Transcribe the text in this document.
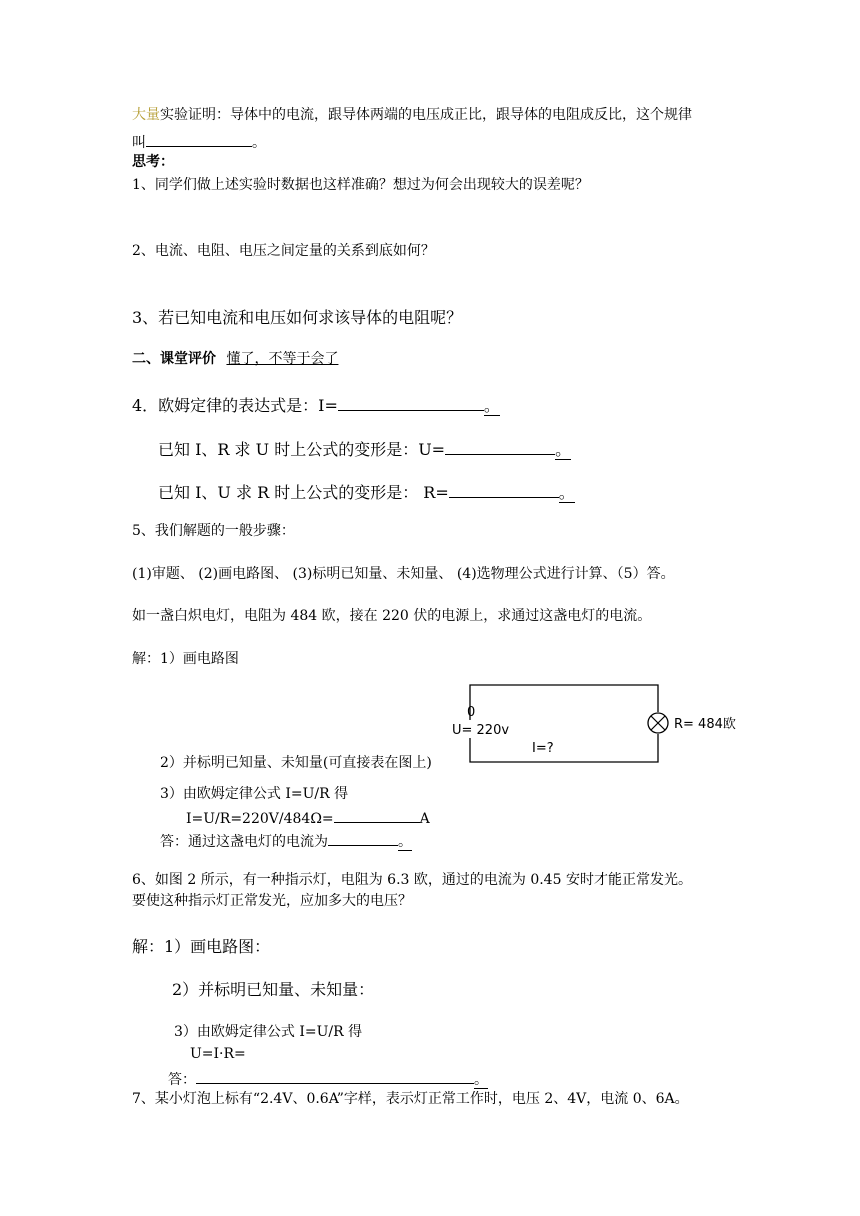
大量实验证明：导体中的电流，跟导体两端的电压成正比，跟导体的电阻成反比，这个规律
叫	。
思考：
1、同学们做上述实验时数据也这样准确？想过为何会出现较大的误差呢？
2、电流、电阻、电压之间定量的关系到底如何？
3、若已知电流和电压如何求该导体的电阻呢？
二、课堂评价 懂了，不等于会了
4．欧姆定律的表达式是：I=	。
已知 I、R 求 U 时上公式的变形是：U=	。
已知 I、U 求 R 时上公式的变形是： R=	。
5、我们解题的一般步骤：
(1)审题、 (2)画电路图、 (3)标明已知量、未知量、 (4)选物理公式进行计算、（5）答。
如一盏白炽电灯，电阻为 484 欧，接在 220 伏的电源上，求通过这盏电灯的电流。
解：1）画电路图
0
U= 220v
I=?
R= 484欧
2）并标明已知量、未知量(可直接表在图上)
3）由欧姆定律公式 I=U/R 得
I=U/R=220V/484Ω=	A
答：通过这盏电灯的电流为	。
6、如图 2 所示，有一种指示灯，电阻为 6.3 欧，通过的电流为 0.45 安时才能正常发光。
要使这种指示灯正常发光，应加多大的电压？
解：1）画电路图：
2）并标明已知量、未知量：
3）由欧姆定律公式 I=U/R 得
U=I·R=
答：	。
7、某小灯泡上标有“2.4V、0.6A”字样，表示灯正常工作时，电压 2、4V，电流 0、6A。
